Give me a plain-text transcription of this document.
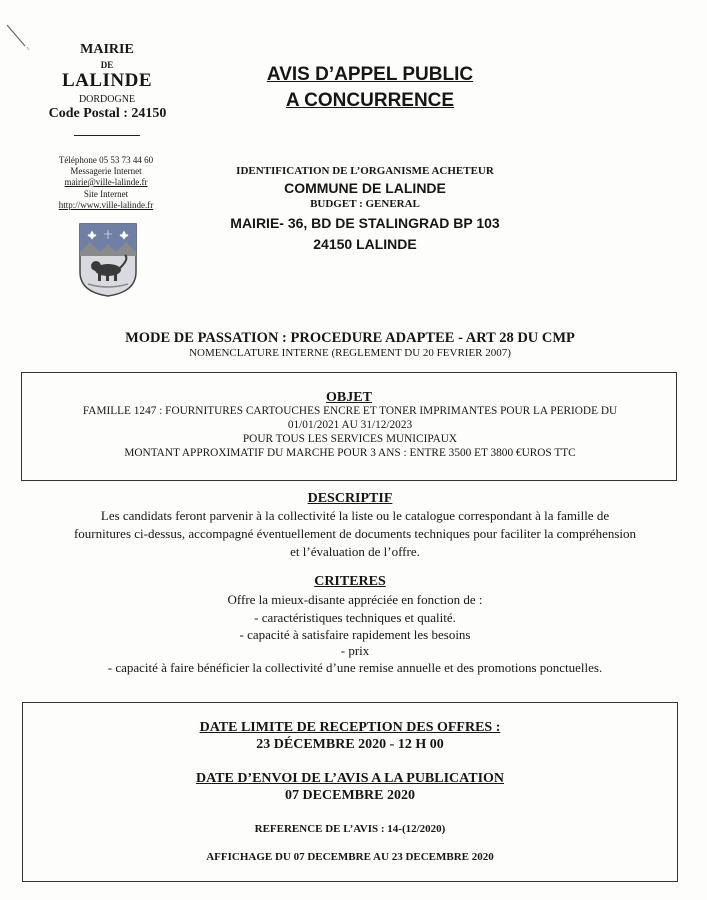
MAIRIE
DE
LALINDE
DORDOGNE
Code Postal : 24150
Téléphone 05 53 73 44 60
Messagerie Internet
mairie@ville-lalinde.fr
Site Internet
http://www.ville-lalinde.fr
AVIS D’APPEL PUBLIC
A CONCURRENCE
IDENTIFICATION DE L’ORGANISME ACHETEUR
COMMUNE DE LALINDE
BUDGET : GENERAL
MAIRIE- 36, BD DE STALINGRAD BP 103
24150 LALINDE
MODE DE PASSATION : PROCEDURE ADAPTEE - ART 28 DU CMP
NOMENCLATURE INTERNE (REGLEMENT DU 20 FEVRIER 2007)
OBJET
FAMILLE 1247 : FOURNITURES CARTOUCHES ENCRE ET TONER IMPRIMANTES POUR LA PERIODE DU
01/01/2021 AU 31/12/2023
POUR TOUS LES SERVICES MUNICIPAUX
MONTANT APPROXIMATIF DU MARCHE POUR 3 ANS : ENTRE 3500 ET 3800 €UROS TTC
DESCRIPTIF
Les candidats feront parvenir à la collectivité la liste ou le catalogue correspondant à la famille de
fournitures ci-dessus, accompagné éventuellement de documents techniques pour faciliter la compréhension
et l’évaluation de l’offre.
CRITERES
Offre la mieux-disante appréciée en fonction de :
- caractéristiques techniques et qualité.
- capacité à satisfaire rapidement les besoins
- prix
- capacité à faire bénéficier la collectivité d’une remise annuelle et des promotions ponctuelles.
DATE LIMITE DE RECEPTION DES OFFRES :
23 DÉCEMBRE 2020 - 12 H 00
DATE D’ENVOI DE L’AVIS A LA PUBLICATION
07 DECEMBRE 2020
REFERENCE DE L’AVIS : 14-(12/2020)
AFFICHAGE DU 07 DECEMBRE AU 23 DECEMBRE 2020
